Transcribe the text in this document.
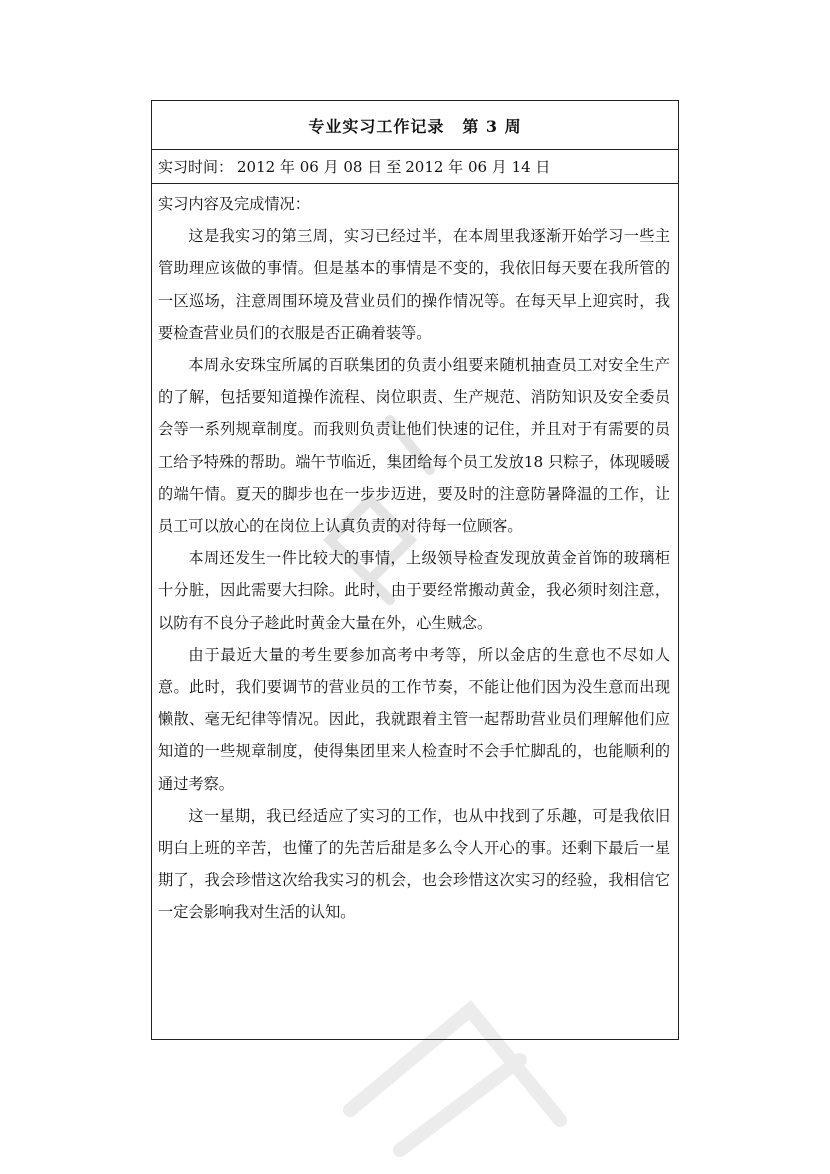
专业实习工作记录 第 3 周
实习时间： 2012 年 06 月 08 日 至 2012 年 06 月 14 日
实习内容及完成情况：

这是我实习的第三周，实习已经过半，在本周里我逐渐开始学习一些主管助理应该做的事情。但是基本的事情是不变的，我依旧每天要在我所管的一区巡场，注意周围环境及营业员们的操作情况等。在每天早上迎宾时，我要检查营业员们的衣服是否正确着装等。

本周永安珠宝所属的百联集团的负责小组要来随机抽查员工对安全生产的了解，包括要知道操作流程、岗位职责、生产规范、消防知识及安全委员会等一系列规章制度。而我则负责让他们快速的记住，并且对于有需要的员工给予特殊的帮助。端午节临近，集团给每个员工发放18 只粽子，体现暖暖的端午情。夏天的脚步也在一步步迈进，要及时的注意防暑降温的工作，让员工可以放心的在岗位上认真负责的对待每一位顾客。

本周还发生一件比较大的事情，上级领导检查发现放黄金首饰的玻璃柜十分脏，因此需要大扫除。此时，由于要经常搬动黄金，我必须时刻注意，以防有不良分子趁此时黄金大量在外，心生贼念。

由于最近大量的考生要参加高考中考等，所以金店的生意也不尽如人意。此时，我们要调节的营业员的工作节奏，不能让他们因为没生意而出现懒散、毫无纪律等情况。因此，我就跟着主管一起帮助营业员们理解他们应知道的一些规章制度，使得集团里来人检查时不会手忙脚乱的，也能顺利的通过考察。

这一星期，我已经适应了实习的工作，也从中找到了乐趣，可是我依旧明白上班的辛苦，也懂了的先苦后甜是多么令人开心的事。还剩下最后一星期了，我会珍惜这次给我实习的机会，也会珍惜这次实习的经验，我相信它一定会影响我对生活的认知。
